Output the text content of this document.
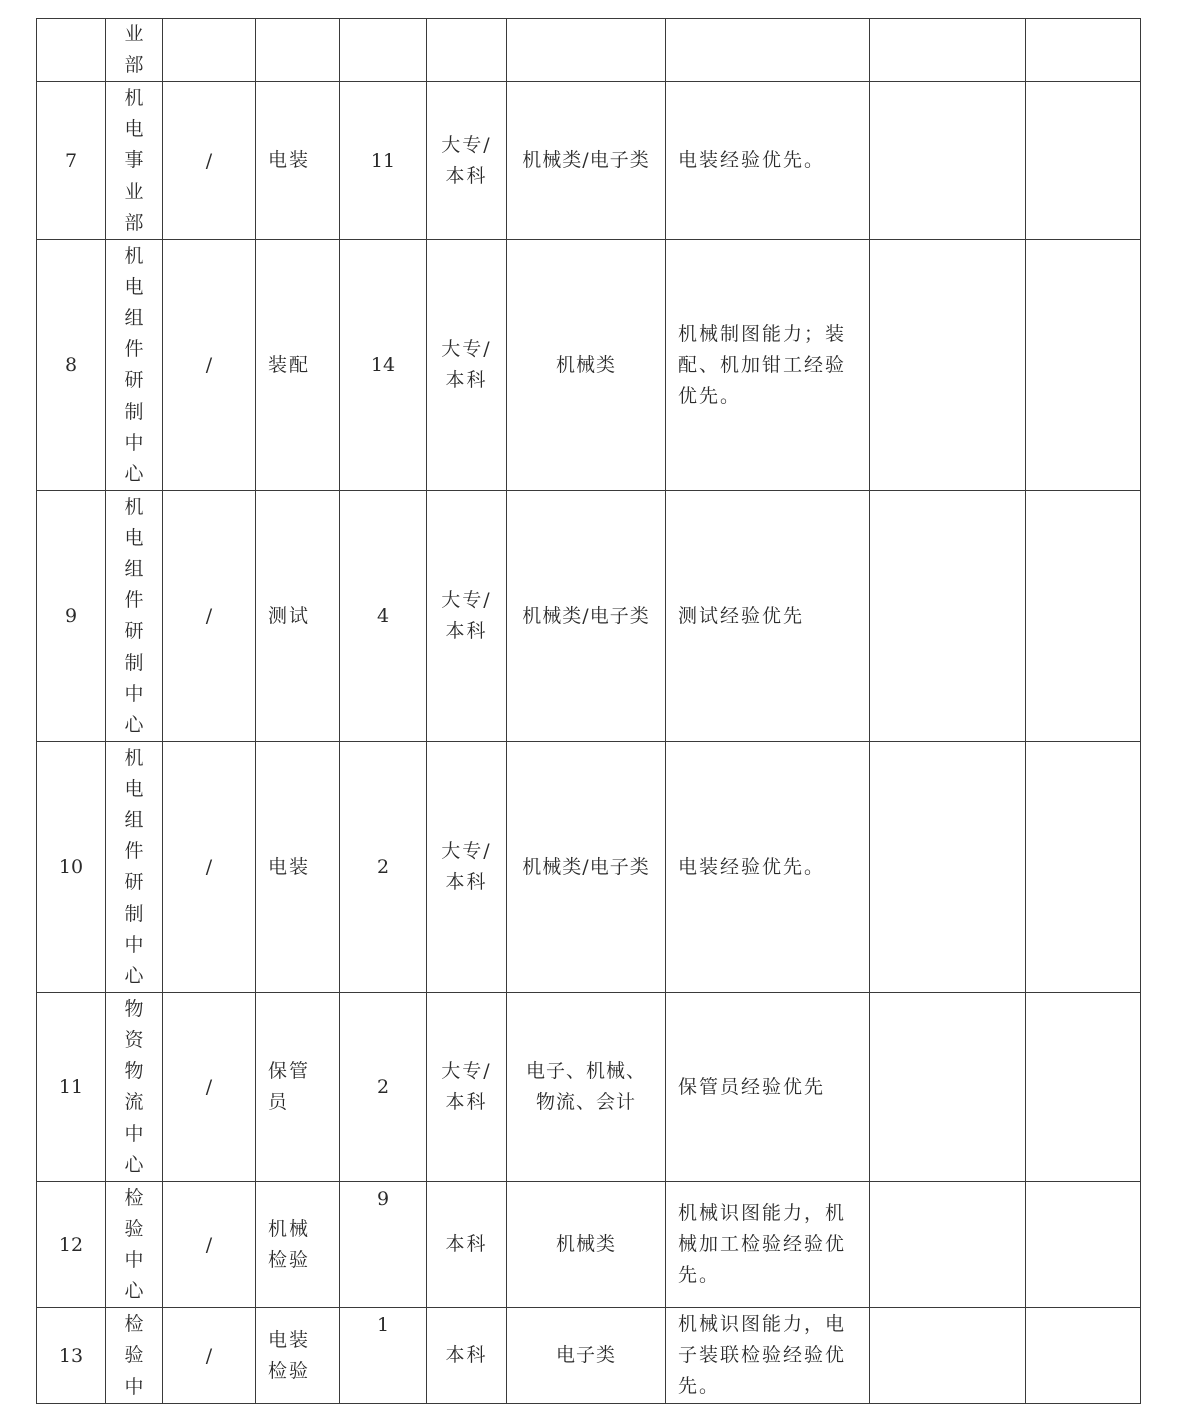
	业部		

7	机电事业部	/	电装	11	大专/本科	机械类/电子类	电装经验优先。		

8	机电组件研制中心	/	装配	14	大专/本科	机械类	机械制图能力；装配、机加钳工经验优先。		

9	机电组件研制中心	/	测试	4	大专/本科	机械类/电子类	测试经验优先		

10	机电组件研制中心	/	电装	2	大专/本科	机械类/电子类	电装经验优先。		

11	物资物流中心	/	保管员	2	大专/本科	电子、机械、物流、会计	保管员经验优先		

12	检验中心	/	机械检验	9	本科	机械类	机械识图能力，机械加工检验经验优先。		

13	检验中	/	电装检验	1	本科	电子类	机械识图能力，电子装联检验经验优先。		
